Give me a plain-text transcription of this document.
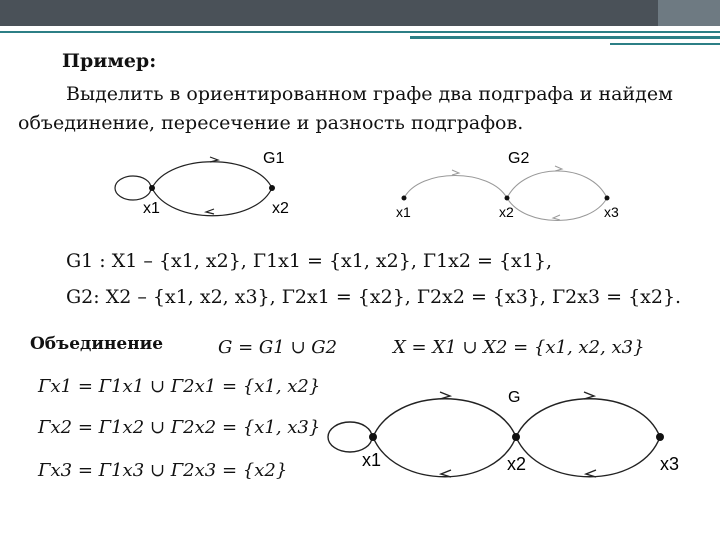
Пример:
Выделить в ориентированном графе два подграфа и найдем
объединение, пересечение и разность подграфов.
G1
x1	x2
G2
x1	x2	x3
G
x1	x2	x3
G1 : X1 – {x1, x2}, Γ1x1 = {x1, x2}, Γ1x2 = {x1},
G2: X2 – {x1, x2, x3}, Γ2x1 = {x2}, Γ2x2 = {x3}, Γ2x3 = {x2}.
Объединение	G = G1 ∪ G2	X = X1 ∪ X2 = {x1, x2, x3}
Γx1 = Γ1x1 ∪ Γ2x1 = {x1, x2}
Γx2 = Γ1x2 ∪ Γ2x2 = {x1, x3}
Γx3 = Γ1x3 ∪ Γ2x3 = {x2}
